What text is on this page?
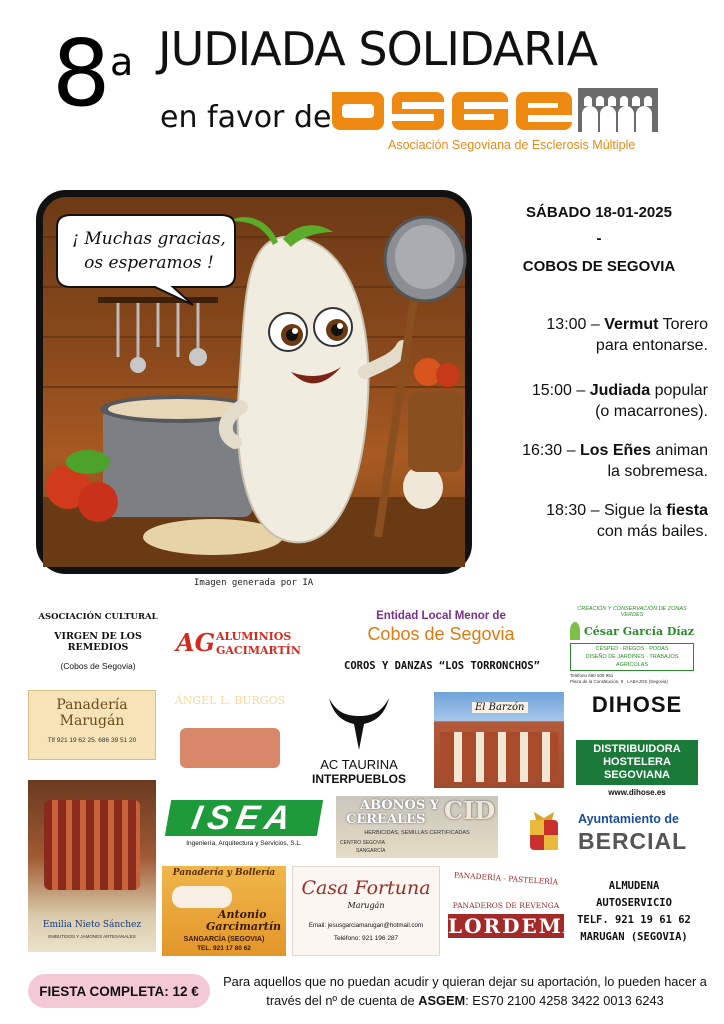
8 a JUDIADA SOLIDARIA
en favor de
Asociación Segoviana de Esclerosis Múltiple
¡ Muchas gracias, os esperamos !
Imagen generada por IA
SÁBADO 18-01-2025
-
COBOS DE SEGOVIA
13:00 – Vermut Torero
para entonarse.
15:00 – Judiada popular
(o macarrones).
16:30 – Los Eñes animan
la sobremesa.
18:30 – Sigue la fiesta
con más bailes.
ASOCIACIÓN CULTURAL
VIRGEN DE LOS REMEDIOS
(Cobos de Segovia)
AG ALUMINIOS
GACIMARTÍN
Entidad Local Menor de
Cobos de Segovia
COROS Y DANZAS “LOS TORRONCHOS”
CREACIÓN Y CONSERVACIÓN DE ZONAS VERDES
César García Díaz
CÉSPED · RIEGOS · PODAS
DISEÑO DE JARDINES · TRABAJOS AGRÍCOLAS
Teléfono 690 505 951
Plaza de la Constitución, 9 LABAJOS (Segovia)
Panadería
Marugán
Tlf 921 19 62 25. 686 39 51 20
ÁNGEL L. BURGOS
AC TAURINA
INTERPUEBLOS
El Barzón	DIHOSE
DISTRIBUIDORA
HOSTELERA
SEGOVIANA
www.dihose.es
Emilia Nieto Sánchez
EMBUTIDOS Y JAMONES ARTESANALES
ISEA
Ingeniería, Arquitectura y Servicios, S.L.
ABONOS Y
CEREALES CID
HERBICIDAS, SEMILLAS CERTIFICADAS
CENTRO SEGOVIA
SANGARCÍA
Ayuntamiento de
BERCIAL
Panadería y Bollería
Antonio
Garcimartín
SANGARCÍA (SEGOVIA)
TEL. 921 17 80 62
Casa Fortuna
Marugán
Email: jesusgarciamarugan@hotmail.com
Teléfono: 921 196 287
PANADERÍA - PASTELERÍA
PANADEROS DE REVENGA
LORDEMA
ALMUDENA
AUTOSERVICIO
TELF. 921 19 61 62
MARUGAN (SEGOVIA)
FIESTA COMPLETA: 12 €
Para aquellos que no puedan acudir y quieran dejar su aportación, lo pueden hacer a través del nº de cuenta de ASGEM: ES70 2100 4258 3422 0013 6243
